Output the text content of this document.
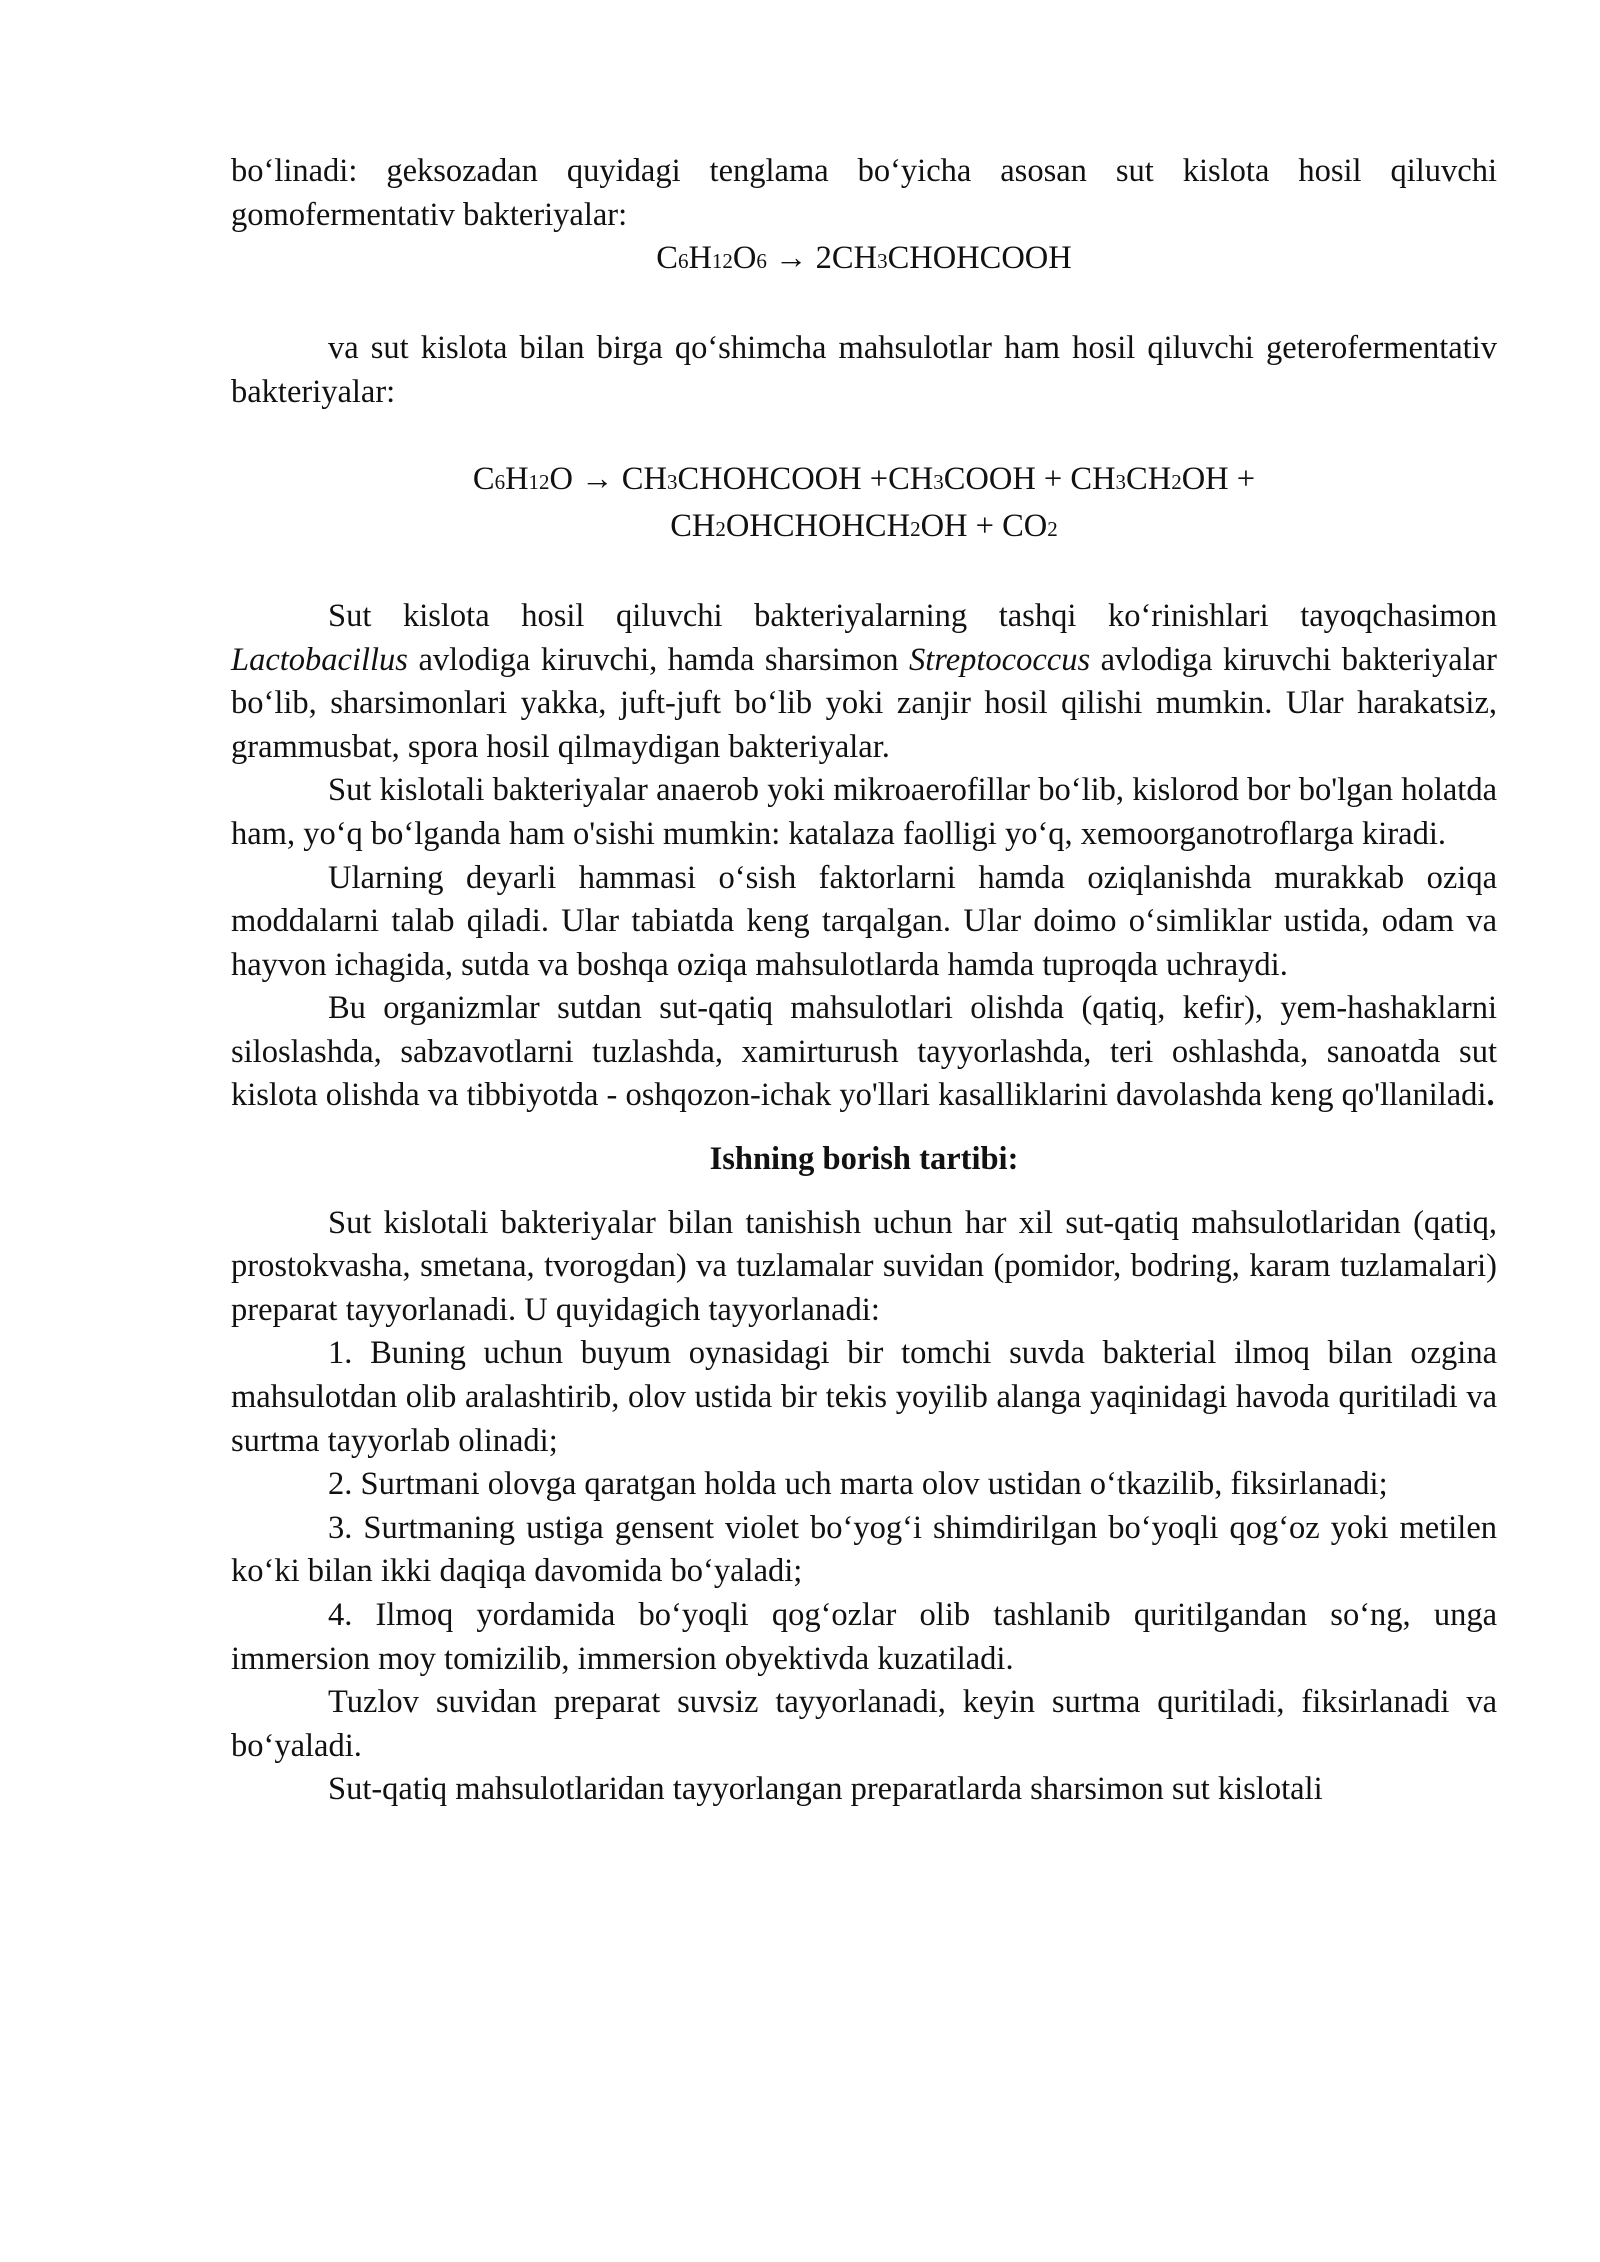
bo‘linadi: geksozadan quyidagi tenglama bo‘yicha asosan sut kislota hosil qiluvchi gomofermentativ bakteriyalar:

C6H12O6 → 2CH3CHOHCOOH

va sut kislota bilan birga qo‘shimcha mahsulotlar ham hosil qiluvchi geterofermentativ bakteriyalar:

C6H12O → CH3CHOHCOOH +CH3COOH + CH3CH2OH +

CH2OHCHOHCH2OH + CO2

Sut kislota hosil qiluvchi bakteriyalarning tashqi ko‘rinishlari tayoqchasimon Lactobacillus avlodiga kiruvchi, hamda sharsimon Streptococcus avlodiga kiruvchi bakteriyalar bo‘lib, sharsimonlari yakka, juft-juft bo‘lib yoki zanjir hosil qilishi mumkin. Ular harakatsiz, grammusbat, spora hosil qilmaydigan bakteriyalar.

Sut kislotali bakteriyalar anaerob yoki mikroaerofillar bo‘lib, kislorod bor bo'lgan holatda ham, yo‘q bo‘lganda ham o'sishi mumkin: katalaza faolligi yo‘q, xemoorganotroflarga kiradi.

Ularning deyarli hammasi o‘sish faktorlarni hamda oziqlanishda murakkab oziqa moddalarni talab qiladi. Ular tabiatda keng tarqalgan. Ular doimo o‘simliklar ustida, odam va hayvon ichagida, sutda va boshqa oziqa mahsulotlarda hamda tuproqda uchraydi.

Bu organizmlar sutdan sut-qatiq mahsulotlari olishda (qatiq, kefir), yem-hashaklarni siloslashda, sabzavotlarni tuzlashda, xamirturush tayyorlashda, teri oshlashda, sanoatda sut kislota olishda va tibbiyotda - oshqozon-ichak yo'llari kasalliklarini davolashda keng qo'llaniladi.

Ishning borish tartibi:

Sut kislotali bakteriyalar bilan tanishish uchun har xil sut-qatiq mahsulotlaridan (qatiq, prostokvasha, smetana, tvorogdan) va tuzlamalar suvidan (pomidor, bodring, karam tuzlamalari) preparat tayyorlanadi. U quyidagich tayyorlanadi:

1. Buning uchun buyum oynasidagi bir tomchi suvda bakterial ilmoq bilan ozgina mahsulotdan olib aralashtirib, olov ustida bir tekis yoyilib alanga yaqinidagi havoda quritiladi va surtma tayyorlab olinadi;

2. Surtmani olovga qaratgan holda uch marta olov ustidan o‘tkazilib, fiksirlanadi;

3. Surtmaning ustiga gensent violet bo‘yog‘i shimdirilgan bo‘yoqli qog‘oz yoki metilen ko‘ki bilan ikki daqiqa davomida bo‘yaladi;

4. Ilmoq yordamida bo‘yoqli qog‘ozlar olib tashlanib quritilgandan so‘ng, unga immersion moy tomizilib, immersion obyektivda kuzatiladi.

Tuzlov suvidan preparat suvsiz tayyorlanadi, keyin surtma quritiladi, fiksirlanadi va bo‘yaladi.

Sut-qatiq mahsulotlaridan tayyorlangan preparatlarda sharsimon sut kislotali
